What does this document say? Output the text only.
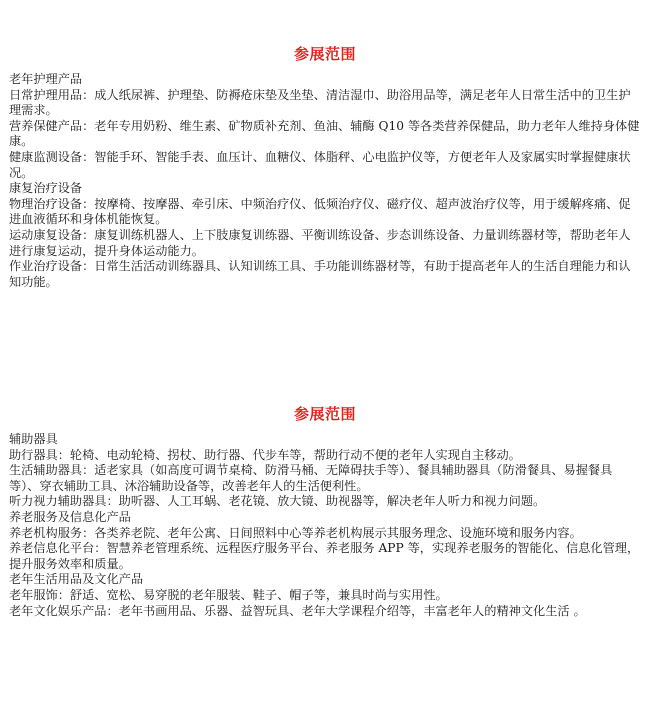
参展范围

老年护理产品

日常护理用品：成人纸尿裤、护理垫、防褥疮床垫及坐垫、清洁湿巾、助浴用品等，满足老年人日常生活中的卫生护理需求。

营养保健产品：老年专用奶粉、维生素、矿物质补充剂、鱼油、辅酶 Q10 等各类营养保健品，助力老年人维持身体健康。

健康监测设备：智能手环、智能手表、血压计、血糖仪、体脂秤、心电监护仪等，方便老年人及家属实时掌握健康状况。

康复治疗设备

物理治疗设备：按摩椅、按摩器、牵引床、中频治疗仪、低频治疗仪、磁疗仪、超声波治疗仪等，用于缓解疼痛、促进血液循环和身体机能恢复。

运动康复设备：康复训练机器人、上下肢康复训练器、平衡训练设备、步态训练设备、力量训练器材等，帮助老年人进行康复运动，提升身体运动能力。

作业治疗设备：日常生活活动训练器具、认知训练工具、手功能训练器材等，有助于提高老年人的生活自理能力和认知功能。

参展范围

辅助器具

助行器具：轮椅、电动轮椅、拐杖、助行器、代步车等，帮助行动不便的老年人实现自主移动。

生活辅助器具：适老家具（如高度可调节桌椅、防滑马桶、无障碍扶手等）、餐具辅助器具（防滑餐具、易握餐具等）、穿衣辅助工具、沐浴辅助设备等，改善老年人的生活便利性。

听力视力辅助器具：助听器、人工耳蜗、老花镜、放大镜、助视器等，解决老年人听力和视力问题。

养老服务及信息化产品

养老机构服务：各类养老院、老年公寓、日间照料中心等养老机构展示其服务理念、设施环境和服务内容。

养老信息化平台：智慧养老管理系统、远程医疗服务平台、养老服务 APP 等，实现养老服务的智能化、信息化管理，提升服务效率和质量。

老年生活用品及文化产品

老年服饰：舒适、宽松、易穿脱的老年服装、鞋子、帽子等，兼具时尚与实用性。

老年文化娱乐产品：老年书画用品、乐器、益智玩具、老年大学课程介绍等，丰富老年人的精神文化生活 。
